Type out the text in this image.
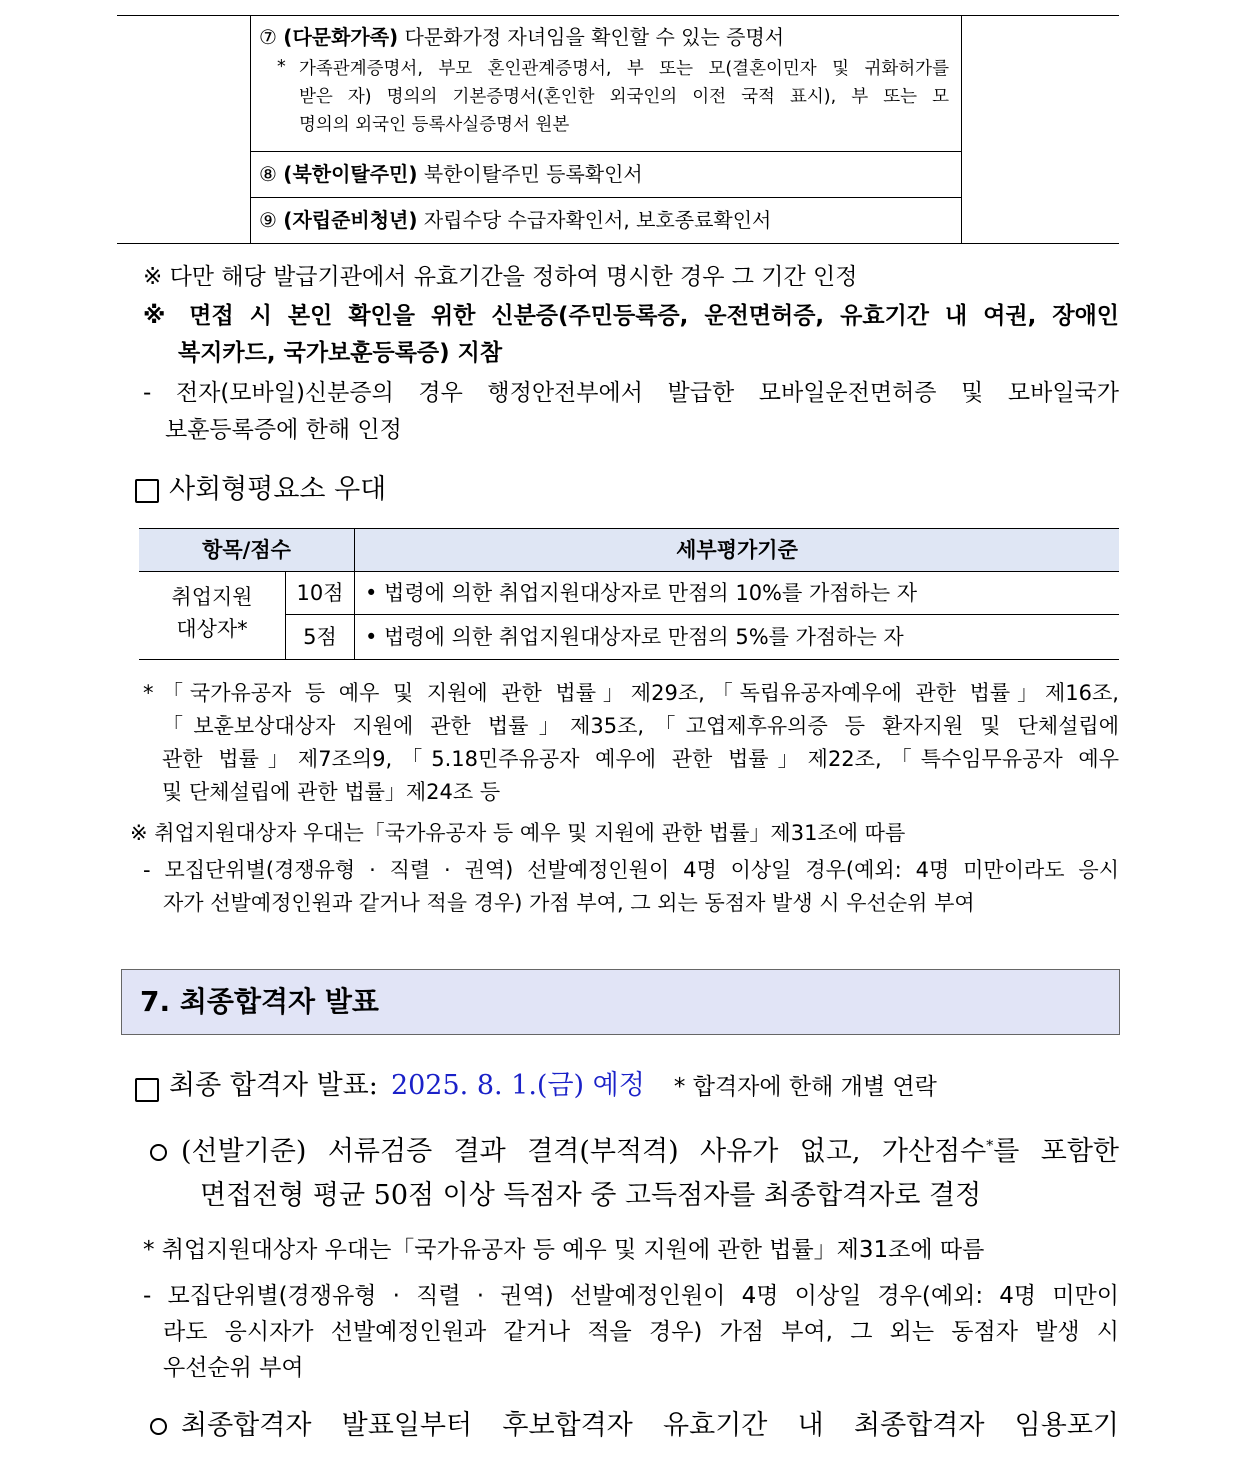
⑦ (다문화가족) 다문화가정 자녀임을 확인할 수 있는 증명서
* 가족관계증명서, 부모 혼인관계증명서, 부 또는 모(결혼이민자 및 귀화허가를

받은 자) 명의의 기본증명서(혼인한 외국인의 이전 국적 표시), 부 또는 모

명의의 외국인 등록사실증명서 원본

⑧ (북한이탈주민) 북한이탈주민 등록확인서
⑨ (자립준비청년) 자립수당 수급자확인서, 보호종료확인서

※ 다만 해당 발급기관에서 유효기간을 정하여 명시한 경우 그 기간 인정

※ 면접 시 본인 확인을 위한 신분증(주민등록증, 운전면허증, 유효기간 내 여권, 장애인

복지카드, 국가보훈등록증) 지참

- 전자(모바일)신분증의 경우 행정안전부에서 발급한 모바일운전면허증 및 모바일국가

보훈등록증에 한해 인정

사회형평요소 우대
항목/점수	세부평가기준
취업지원
대상자*
10점	• 법령에 의한 취업지원대상자로 만점의 10%를 가점하는 자
5점	• 법령에 의한 취업지원대상자로 만점의 5%를 가점하는 자
* 「국가유공자 등 예우 및 지원에 관한 법률」제29조,「독립유공자예우에 관한 법률」제16조,

「보훈보상대상자 지원에 관한 법률」제35조,「고엽제후유의증 등 환자지원 및 단체설립에

관한 법률」제7조의9,「5.18민주유공자 예우에 관한 법률」제22조,「특수임무유공자 예우

및 단체설립에 관한 법률」제24조 등

※ 취업지원대상자 우대는「국가유공자 등 예우 및 지원에 관한 법률」제31조에 따름

- 모집단위별(경쟁유형 · 직렬 · 권역) 선발예정인원이 4명 이상일 경우(예외: 4명 미만이라도 응시

자가 선발예정인원과 같거나 적을 경우) 가점 부여, 그 외는 동점자 발생 시 우선순위 부여

7. 최종합격자 발표
최종 합격자 발표: 2025. 8. 1.(금) 예정 * 합격자에 한해 개별 연락
(선발기준) 서류검증 결과 결격(부적격) 사유가 없고, 가산점수*를 포함한

면접전형 평균 50점 이상 득점자 중 고득점자를 최종합격자로 결정

* 취업지원대상자 우대는「국가유공자 등 예우 및 지원에 관한 법률」제31조에 따름

- 모집단위별(경쟁유형 · 직렬 · 권역) 선발예정인원이 4명 이상일 경우(예외: 4명 미만이

라도 응시자가 선발예정인원과 같거나 적을 경우) 가점 부여, 그 외는 동점자 발생 시

우선순위 부여

최종합격자 발표일부터 후보합격자 유효기간 내 최종합격자 임용포기
